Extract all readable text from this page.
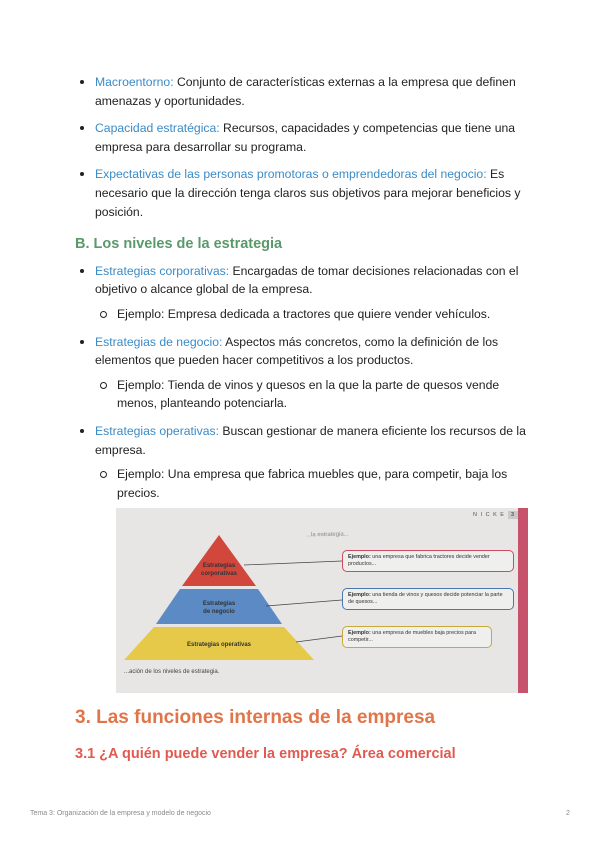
Macroentorno: Conjunto de características externas a la empresa que definen amenazas y oportunidades.
Capacidad estratégica: Recursos, capacidades y competencias que tiene una empresa para desarrollar su programa.
Expectativas de las personas promotoras o emprendedoras del negocio: Es necesario que la dirección tenga claros sus objetivos para mejorar beneficios y posición.
B. Los niveles de la estrategia
Estrategias corporativas: Encargadas de tomar decisiones relacionadas con el objetivo o alcance global de la empresa.
Ejemplo: Empresa dedicada a tractores que quiere vender vehículos.
Estrategias de negocio: Aspectos más concretos, como la definición de los elementos que pueden hacer competitivos a los productos.
Ejemplo: Tienda de vinos y quesos en la que la parte de quesos vende menos, planteando potenciarla.
Estrategias operativas: Buscan gestionar de manera eficiente los recursos de la empresa.
Ejemplo: Una empresa que fabrica muebles que, para competir, baja los precios.
N I C K E 3
...la estrategia...
Estrategias
corporativas
Estrategias
de negocio
Estrategias operativas
Ejemplo: una empresa que fabrica tractores decide vender productos...
Ejemplo: una tienda de vinos y quesos decide potenciar la parte de quesos...
Ejemplo: una empresa de muebles baja precios para competir...
...ación de los niveles de estrategia.
3. Las funciones internas de la empresa
3.1 ¿A quién puede vender la empresa? Área comercial
Tema 3: Organización de la empresa y modelo de negocio	2
